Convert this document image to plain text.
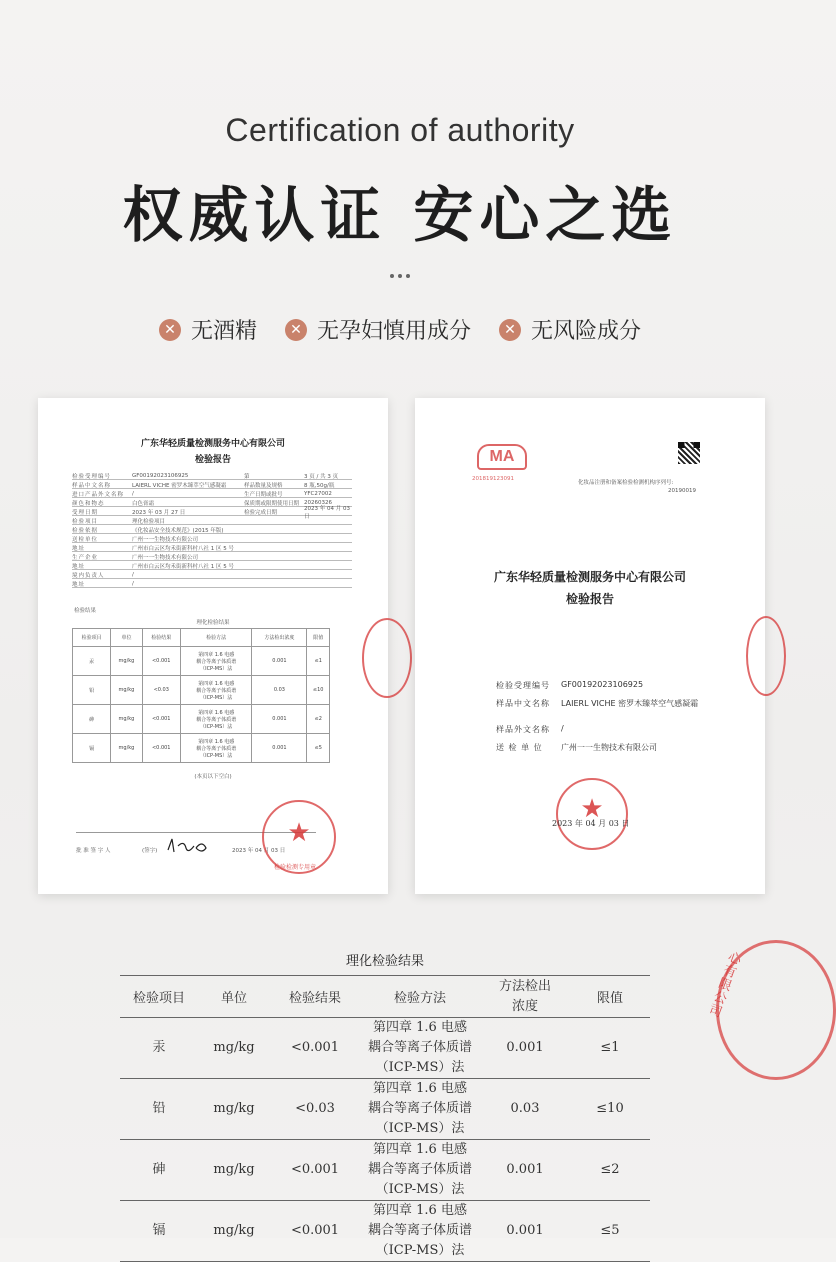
Certification of authority
权威认证 安心之选
✕ 无酒精	✕ 无孕妇慎用成分	✕ 无风险成分
广东华轻质量检测服务中心有限公司
检验报告
检验受理编号	GF00192023106925	第	3 页 / 共 3 页
样品中文名称	LAIERL VICHE 密罗木臻萃空气感凝霜	样品数量及规格	8 瓶,50g/瓶
进口产品外文名称	/	生产日期或批号	YFC27002
颜色和物态	白色膏霜	保质期或限期使用日期 20260326
受理日期	2023 年 03 月 27 日	检验完成日期
2023 年 04 月 03 日
检验项目	理化检验项目
检验依据	《化妆品安全技术规范》(2015 年版)
送检单位	广州一一生物技术有限公司
地址	广州市白云区均禾街新科村八社 1 区 5 号
生产企业	广州一一生物技术有限公司
地址	广州市白云区均禾街新科村八社 1 区 5 号
境内负责人	/
地址	/
检验结果
理化检验结果
检验项目	单位	检验结果	检验方法	方法检出浓度	限值
汞	mg/kg	<0.001	第四章 1.6 电感
耦合等离子体质谱
（ICP-MS）法	0.001	≤1
铅	mg/kg	<0.03	第四章 1.6 电感
耦合等离子体质谱
（ICP-MS）法	0.03	≤10
砷	mg/kg	<0.001	第四章 1.6 电感
耦合等离子体质谱
（ICP-MS）法	0.001	≤2
镉	mg/kg	<0.001	第四章 1.6 电感
耦合等离子体质谱
（ICP-MS）法	0.001	≤5
(本页以下空白)
批 准 签 字 人	(签字)	2023 年 04 月 03 日
★
检验检测专用章
MA
201819123091
化妆品注册和备案检验检测机构序列号:
20190019
广东华轻质量检测服务中心有限公司
检验报告
检验受理编号	GF00192023106925
样品中文名称	LAIERL VICHE 密罗木臻萃空气感凝霜
样品外文名称	/
送 检 单 位	广州一一生物技术有限公司
★
2023 年 04 月 03 日
理化检验结果
检验项目	单位	检验结果	检验方法	方法检出浓度	限值
汞	mg/kg	<0.001	第四章 1.6 电感
耦合等离子体质谱
（ICP-MS）法	0.001	≤1
铅	mg/kg	<0.03	第四章 1.6 电感
耦合等离子体质谱
（ICP-MS）法	0.03	≤10
砷	mg/kg	<0.001	第四章 1.6 电感
耦合等离子体质谱
（ICP-MS）法	0.001	≤2
镉	mg/kg	<0.001	第四章 1.6 电感
耦合等离子体质谱
（ICP-MS）法	0.001	≤5
心有限公司
